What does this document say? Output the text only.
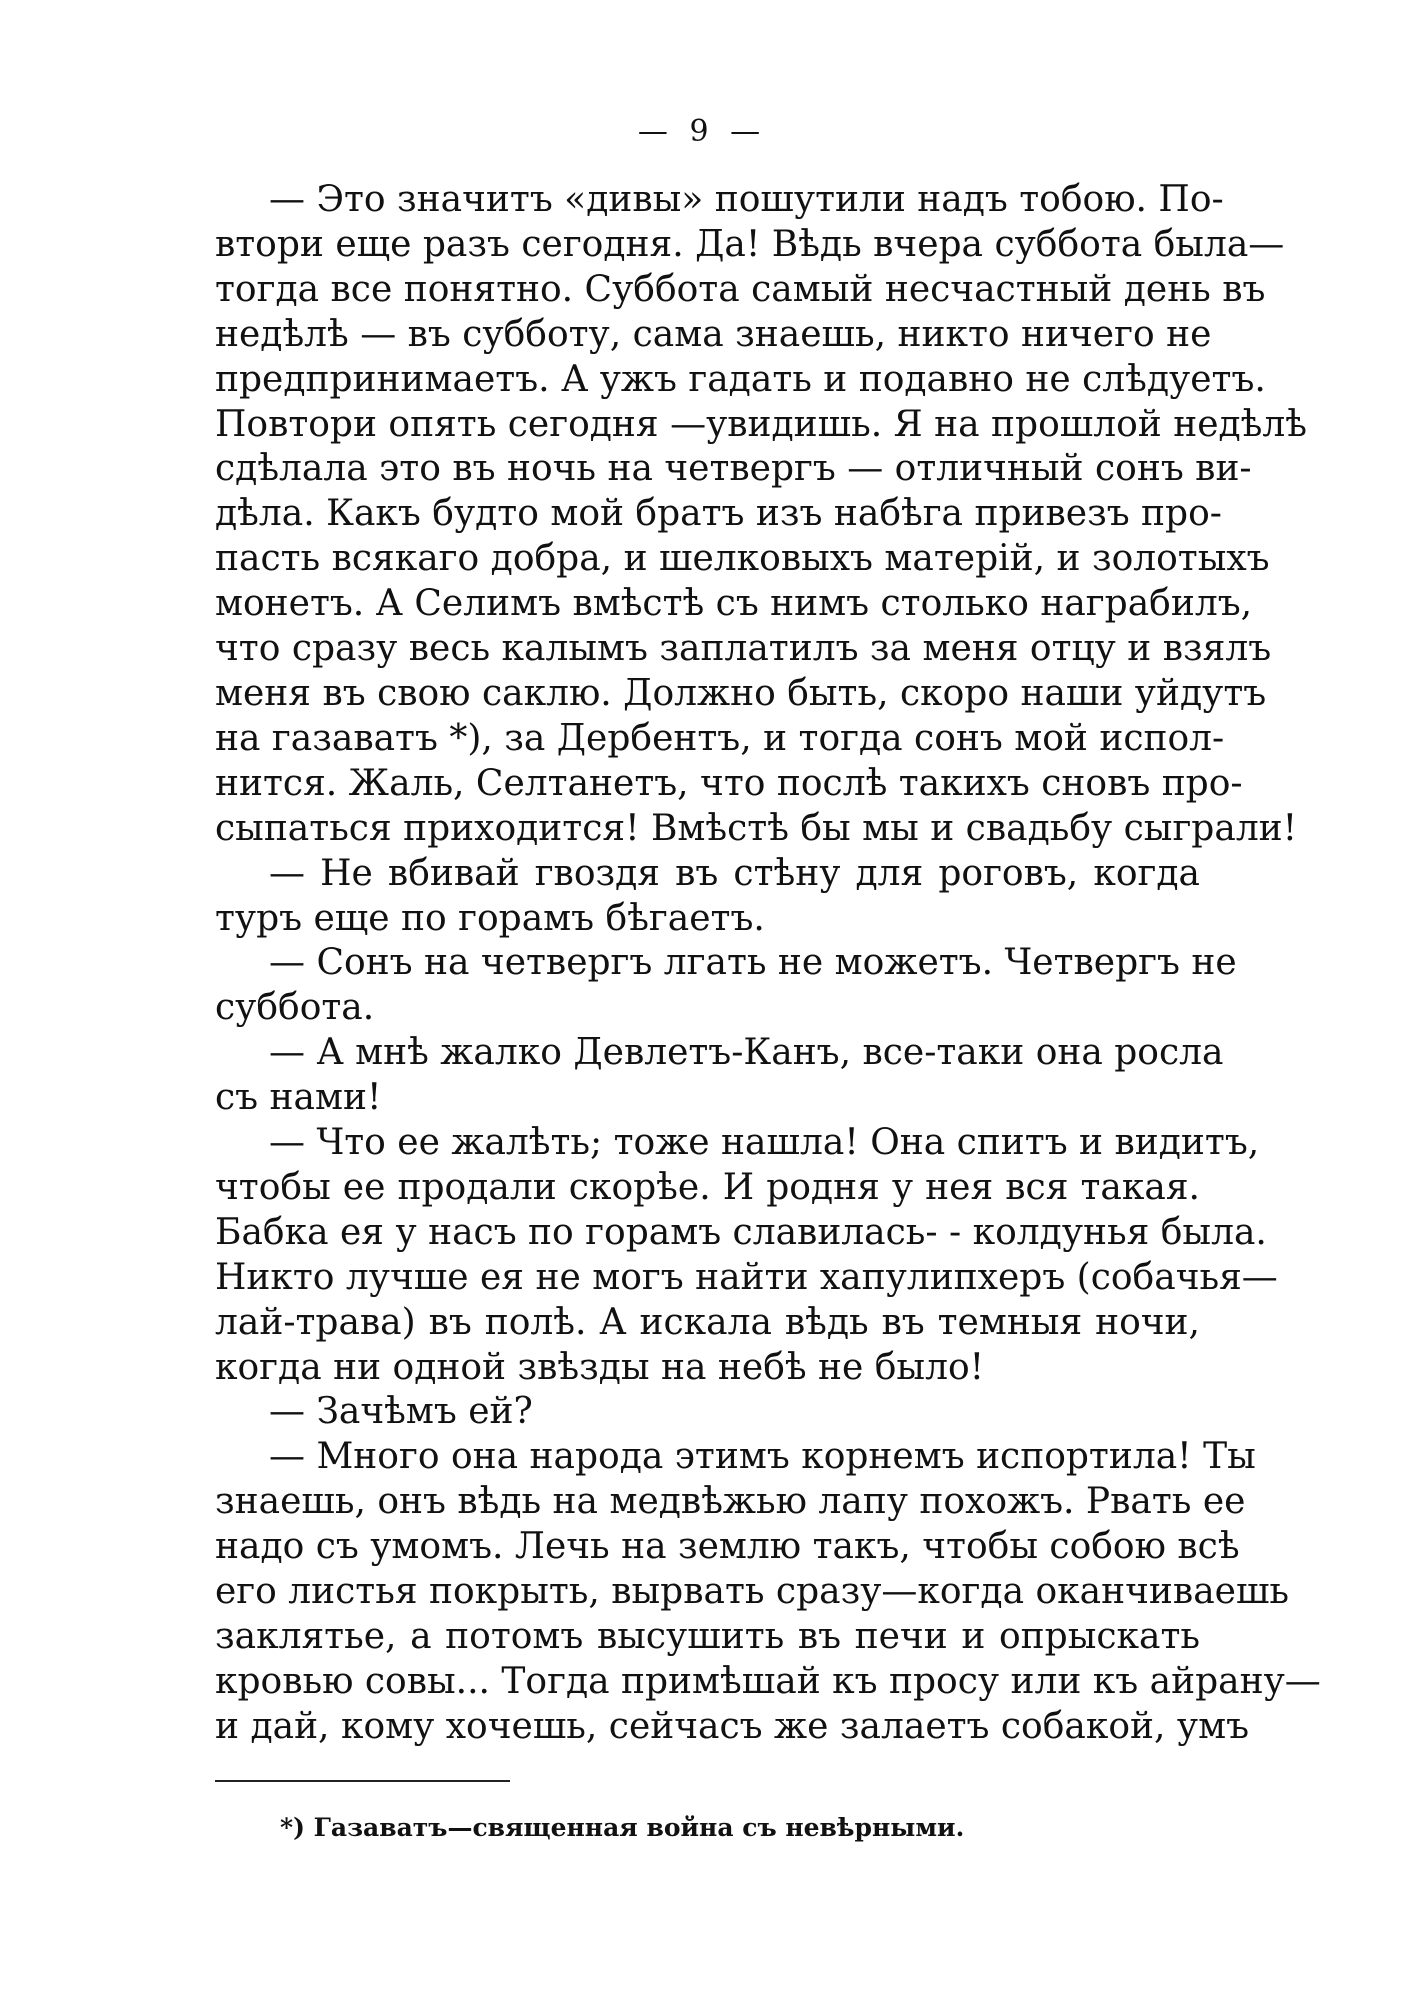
— 9 —
— Это значитъ «дивы» пошутили надъ тобою. По-
втори еще разъ сегодня. Да! Вѣдь вчера суббота была—
тогда все понятно. Суббота самый несчастный день въ
недѣлѣ — въ субботу, сама знаешь, никто ничего не
предпринимаетъ. А ужъ гадать и подавно не слѣдуетъ.
Повтори опять сегодня —увидишь. Я на прошлой недѣлѣ
сдѣлала это въ ночь на четвергъ — отличный сонъ ви-
дѣла. Какъ будто мой братъ изъ набѣга привезъ про-
пасть всякаго добра, и шелковыхъ матерiй, и золотыхъ
монетъ. А Селимъ вмѣстѣ съ нимъ столько награбилъ,
что сразу весь калымъ заплатилъ за меня отцу и взялъ
меня въ свою саклю. Должно быть, скоро наши уйдутъ
на газаватъ *), за Дербентъ, и тогда сонъ мой испол-
нится. Жаль, Селтанетъ, что послѣ такихъ сновъ про-
сыпаться приходится! Вмѣстѣ бы мы и свадьбу сыграли!
— Не вбивай гвоздя въ стѣну для роговъ, когда
туръ еще по горамъ бѣгаетъ.
— Сонъ на четвергъ лгать не можетъ. Четвергъ не
суббота.
— А мнѣ жалко Девлетъ-Канъ, все-таки она росла
съ нами!
— Что ее жалѣть; тоже нашла! Она спитъ и видитъ,
чтобы ее продали скорѣе. И родня у нея вся такая.
Бабка ея у насъ по горамъ славилась- - колдунья была.
Никто лучше ея не могъ найти хапулипхеръ (собачья—
лай-трава) въ полѣ. А искала вѣдь въ темныя ночи,
когда ни одной звѣзды на небѣ не было!
— Зачѣмъ ей?
— Много она народа этимъ корнемъ испортила! Ты
знаешь, онъ вѣдь на медвѣжью лапу похожъ. Рвать ее
надо съ умомъ. Лечь на землю такъ, чтобы собою всѣ
его листья покрыть, вырвать сразу—когда оканчиваешь
заклятье, а потомъ высушить въ печи и опрыскать
кровью совы... Тогда примѣшай къ просу или къ айрану—
и дай, кому хочешь, сейчасъ же залаетъ собакой, умъ
*) Газаватъ—священная война съ невѣрными.
